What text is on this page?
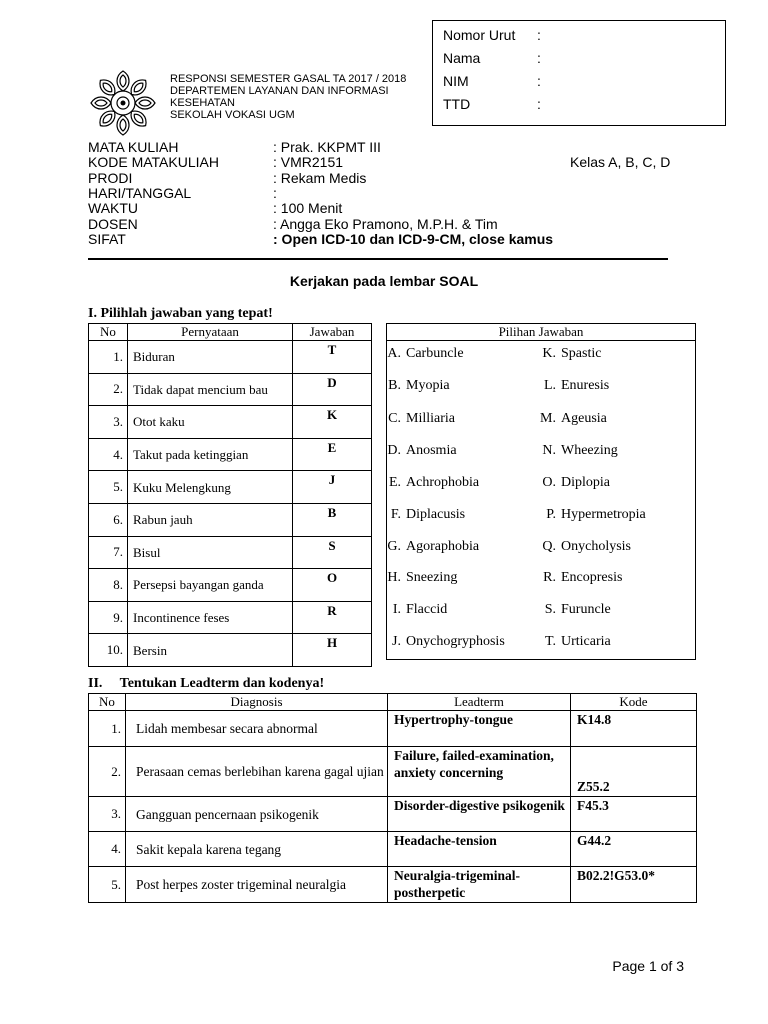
Nomor Urut :
Nama	:
NIM	:
TTD	:
RESPONSI SEMESTER GASAL TA 2017 / 2018
DEPARTEMEN LAYANAN DAN INFORMASI
KESEHATAN
SEKOLAH VOKASI UGM
MATA KULIAH	: Prak. KKPMT III
KODE MATAKULIAH	: VMR2151
PRODI	: Rekam Medis
HARI/TANGGAL	:
WAKTU	: 100 Menit
DOSEN	: Angga Eko Pramono, M.P.H. & Tim
SIFAT	: Open ICD-10 dan ICD-9-CM, close kamus
Kelas A, B, C, D
Kerjakan pada lembar SOAL
I. Pilihlah jawaban yang tepat!
No	Pernyataan	Jawaban
1.	Biduran	T
2.	Tidak dapat mencium bau	D
3.	Otot kaku	K
4.	Takut pada ketinggian	E
5.	Kuku Melengkung	J
6.	Rabun jauh	B
7.	Bisul	S
8.	Persepsi bayangan ganda	O
9.	Incontinence feses	R
10.	Bersin	H
Pilihan Jawaban
A. Carbuncle
B. Myopia
C. Milliaria
D. Anosmia
E. Achrophobia
F. Diplacusis
G. Agoraphobia
H. Sneezing
I. Flaccid
J. Onychogryphosis
K. Spastic
L. Enuresis
M. Ageusia
N. Wheezing
O. Diplopia
P. Hypermetropia
Q. Onycholysis
R. Encopresis
S. Furuncle
T. Urticaria
II.     Tentukan Leadterm dan kodenya!
No	Diagnosis	Leadterm	Kode
1.	Lidah membesar secara abnormal	Hypertrophy-tongue	K14.8
2.	Perasaan cemas berlebihan karena gagal ujian	Failure, failed-examination, anxiety concerning	Z55.2
3.	Gangguan pencernaan psikogenik	Disorder-digestive psikogenik	F45.3
4.	Sakit kepala karena tegang	Headache-tension	G44.2
5.	Post herpes zoster trigeminal neuralgia	Neuralgia-trigeminal-postherpetic	B02.2!G53.0*
Page 1 of 3
